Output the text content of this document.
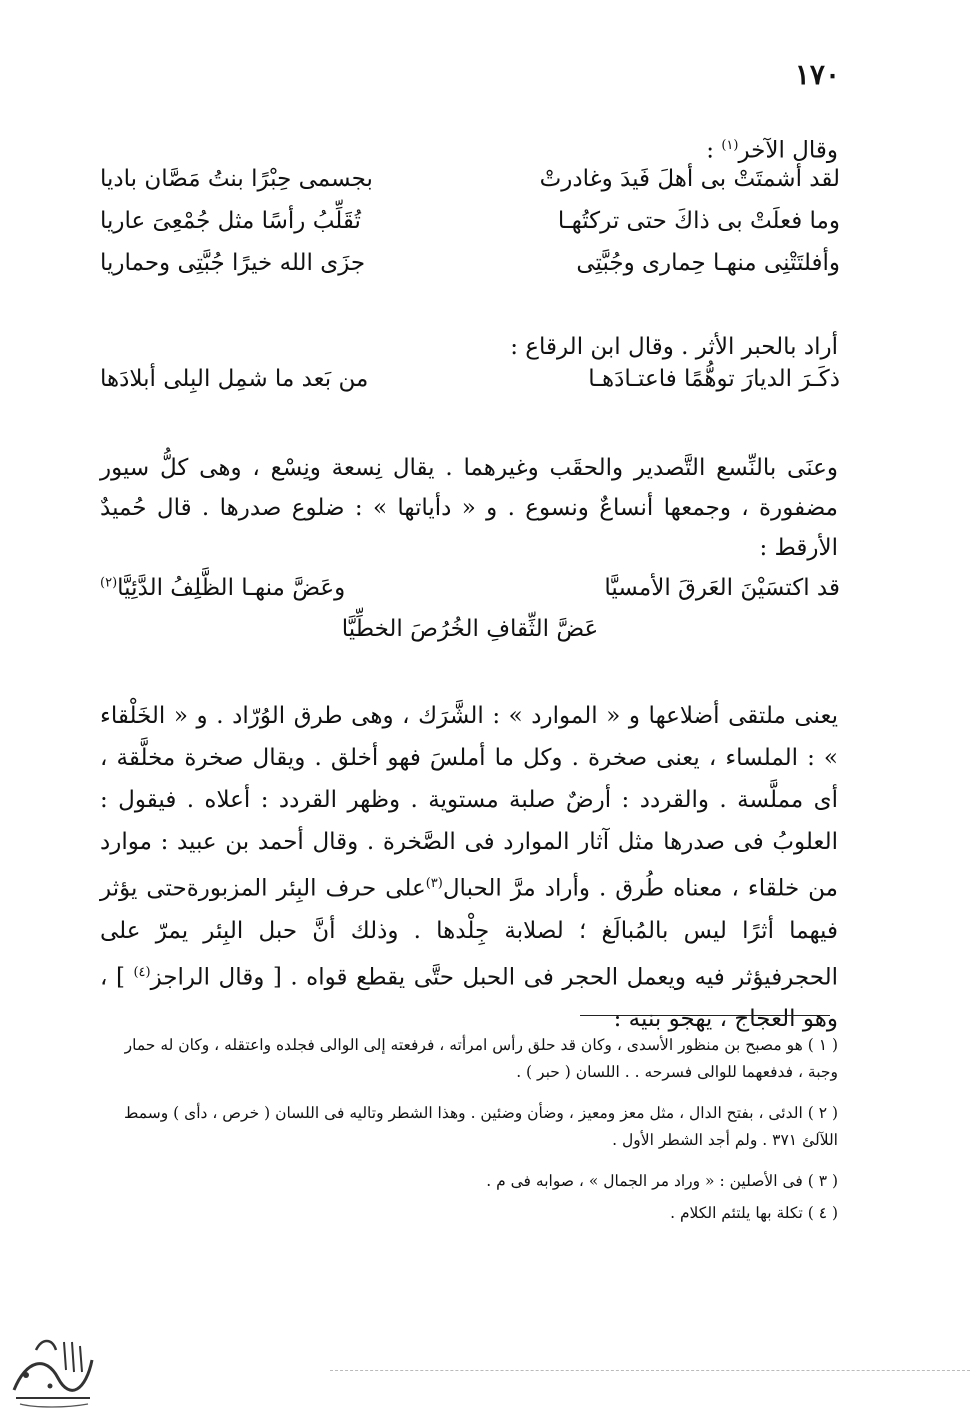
١٧٠
وقال الآخر$^{(١)}$ :
لقد أشمتَتْ بى أهلَ فَيدَ وغادرتْ
بجسمى حِبْرًا بنتُ مَصَّان باديا
وما فعلَتْ بى ذاكَ حتى تركتُهـا
تُقَلِّبُ رأسًا مثل جُمْعِىَ عاريا
وأفلتَتْنِى منهـا حِمارى وجُبَّتِى
جزَى الله خيرًا جُبَّتِى وحماريا
أراد بالحبر الأثر . وقال ابن الرقاع :
من بَعد ما شمِل البِلى أبلادَها	ذكَـرَ الديارَ توهُّمًا فاعتـادَهـا
وعنَى بالنِّسع التَّصدير والحقَب وغيرهما . يقال نِسعة ونِسْع ، وهى كلُّ سيور مضفورة ، وجمعها أنساعٌ ونسوع . و « دأياتها » : ضلوع صدرها . قال حُميدٌ الأرقط :
قد اكتسَيْنَ العَرقَ الأمسيَّا
وعَضَّ منهـا الظَّلِفُ الدَّئِيَّا$^{(٢)}$
عَضَّ الثِّقافِ الخُرُصَ الخطِّيَّا
يعنى ملتقى أضلاعها و « الموارد » : الشَّرَك ، وهى طرق الوُرّاد . و « الخَلْقاء » : الملساء ، يعنى صخرة . وكل ما أملسَ فهو أخلق . ويقال صخرة مخلَّقة ، أى مملَّسة . والقردد : أرضٌ صلبة مستوية . وظهر القردد : أعلاه . فيقول : العلوبُ فى صدرها مثل آثار الموارد فى الصَّخرة . وقال أحمد بن عبيد : موارد من خلقاء ، معناه طُرق . وأراد مرَّ الحبال$^{(٣)}$على حرف البِئر المزبورةحتى يؤثر فيهما أثرًا ليس بالمُبالَغ ؛ لصلابة جِلْدها . وذلك أنَّ حبل البِئر يمرّ على الحجرفيؤثر فيه ويعمل الحجر فى الحبل حتَّى يقطع قواه . [ وقال الراجز$^{(٤)}$ ] ، وهو العجاج ، يهجو بنيه :
( ١ ) هو مصبح بن منظور الأسدى ، وكان قد حلق رأس امرأته ، فرفعته إلى الوالى فجلده واعتقله ، وكان له حمار وجبة ، فدفعهما للوالى فسرحه . . اللسان ( حبر ) .
( ٢ ) الدئى ، بفتح الدال ، مثل معز ومعيز ، وضأن وضئين . وهذا الشطر وتاليه فى اللسان ( خرص ، دأى ) وسمط اللآلئ ٣٧١ . ولم أجد الشطر الأول .
( ٣ ) فى الأصلين : « وراد مر الجمال » ، صوابه فى م .
( ٤ ) تكلة بها يلتئم الكلام .
